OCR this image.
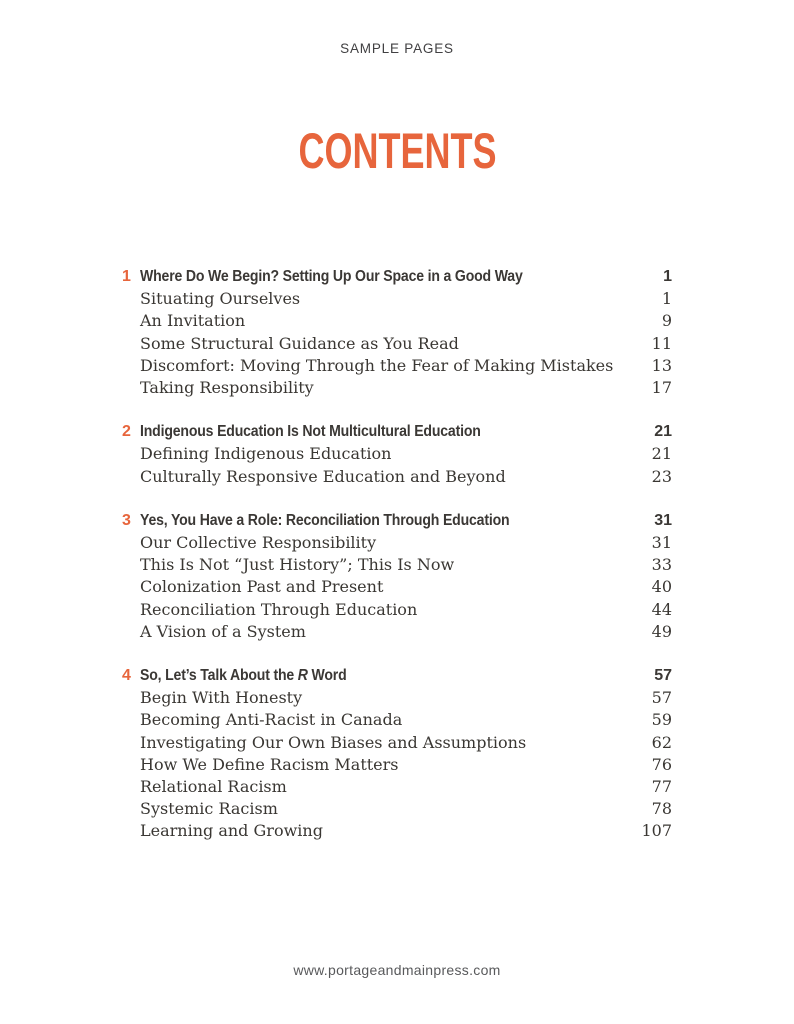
SAMPLE PAGES
CONTENTS
1 Where Do We Begin? Setting Up Our Space in a Good Way	1
Situating Ourselves	1
An Invitation	9
Some Structural Guidance as You Read	11
Discomfort: Moving Through the Fear of Making Mistakes	13
Taking Responsibility	17
2 Indigenous Education Is Not Multicultural Education	21
Defining Indigenous Education	21
Culturally Responsive Education and Beyond	23
3 Yes, You Have a Role: Reconciliation Through Education	31
Our Collective Responsibility	31
This Is Not “Just History”; This Is Now	33
Colonization Past and Present	40
Reconciliation Through Education	44
A Vision of a System	49
4 So, Let’s Talk About the R Word	57
Begin With Honesty	57
Becoming Anti-Racist in Canada	59
Investigating Our Own Biases and Assumptions	62
How We Define Racism Matters	76
Relational Racism	77
Systemic Racism	78
Learning and Growing	107
www.portageandmainpress.com
